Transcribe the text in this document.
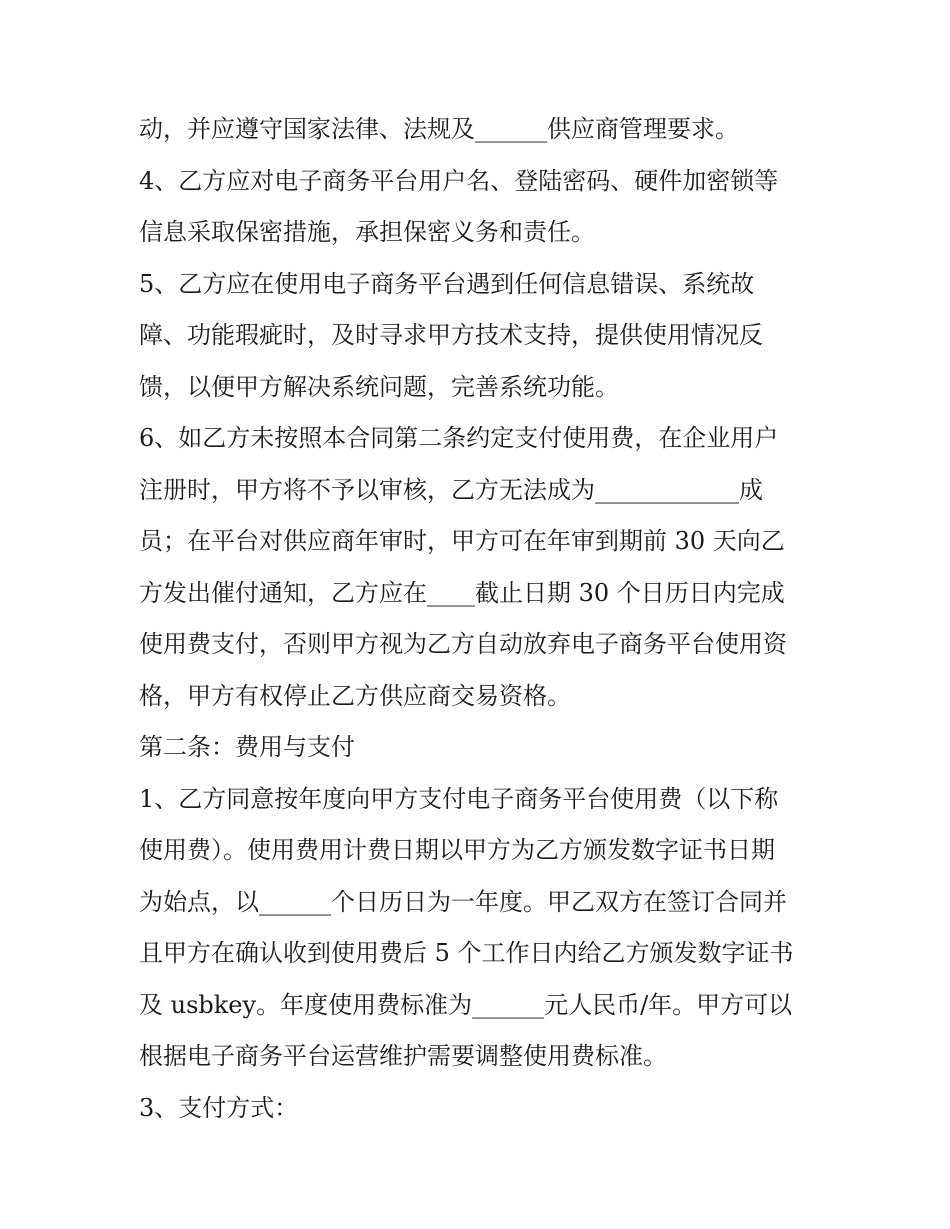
动，并应遵守国家法律、法规及______供应商管理要求。
4、乙方应对电子商务平台用户名、登陆密码、硬件加密锁等
信息采取保密措施，承担保密义务和责任。
5、乙方应在使用电子商务平台遇到任何信息错误、系统故
障、功能瑕疵时，及时寻求甲方技术支持，提供使用情况反
馈，以便甲方解决系统问题，完善系统功能。
6、如乙方未按照本合同第二条约定支付使用费，在企业用户
注册时，甲方将不予以审核，乙方无法成为____________成
员；在平台对供应商年审时，甲方可在年审到期前 30 天向乙
方发出催付通知，乙方应在____截止日期 30 个日历日内完成
使用费支付，否则甲方视为乙方自动放弃电子商务平台使用资
格，甲方有权停止乙方供应商交易资格。
第二条：费用与支付
1、乙方同意按年度向甲方支付电子商务平台使用费（以下称
使用费）。使用费用计费日期以甲方为乙方颁发数字证书日期
为始点，以______个日历日为一年度。甲乙双方在签订合同并
且甲方在确认收到使用费后 5 个工作日内给乙方颁发数字证书
及 usbkey。年度使用费标准为______元人民币/年。甲方可以
根据电子商务平台运营维护需要调整使用费标准。
3、支付方式：
